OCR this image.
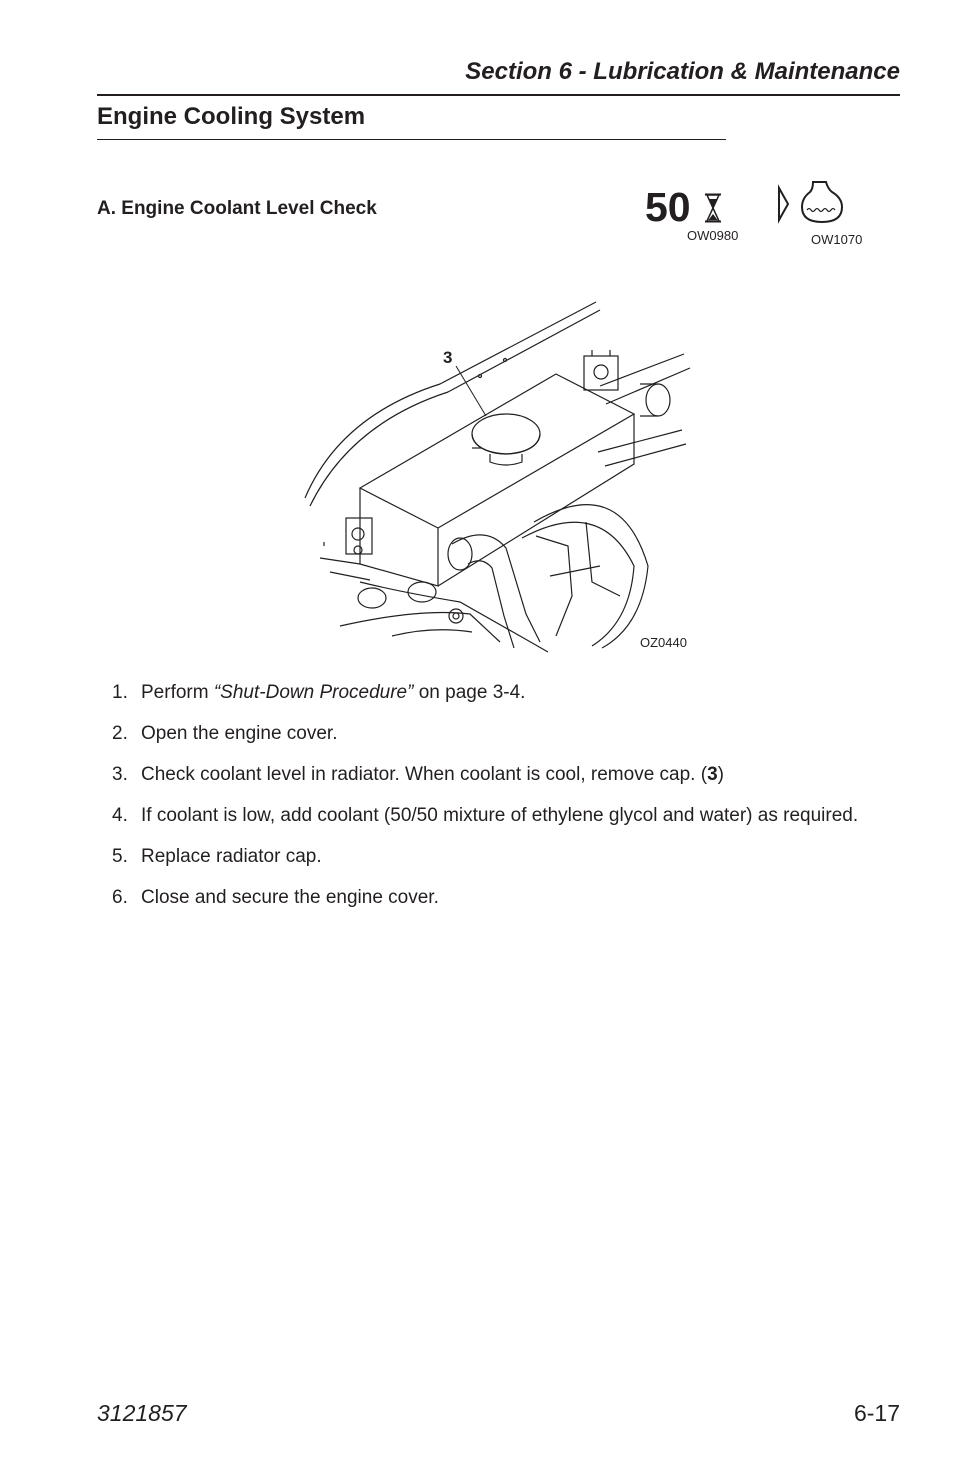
Section 6 - Lubrication & Maintenance
Engine Cooling System
A. Engine Coolant Level Check	50
OW0980	OW1070
3
OZ0440
1. Perform “Shut-Down Procedure” on page 3-4.
2. Open the engine cover.
3. Check coolant level in radiator. When coolant is cool, remove cap. (3)
4. If coolant is low, add coolant (50/50 mixture of ethylene glycol and water) as required.
5. Replace radiator cap.
6. Close and secure the engine cover.
3121857	6-17
